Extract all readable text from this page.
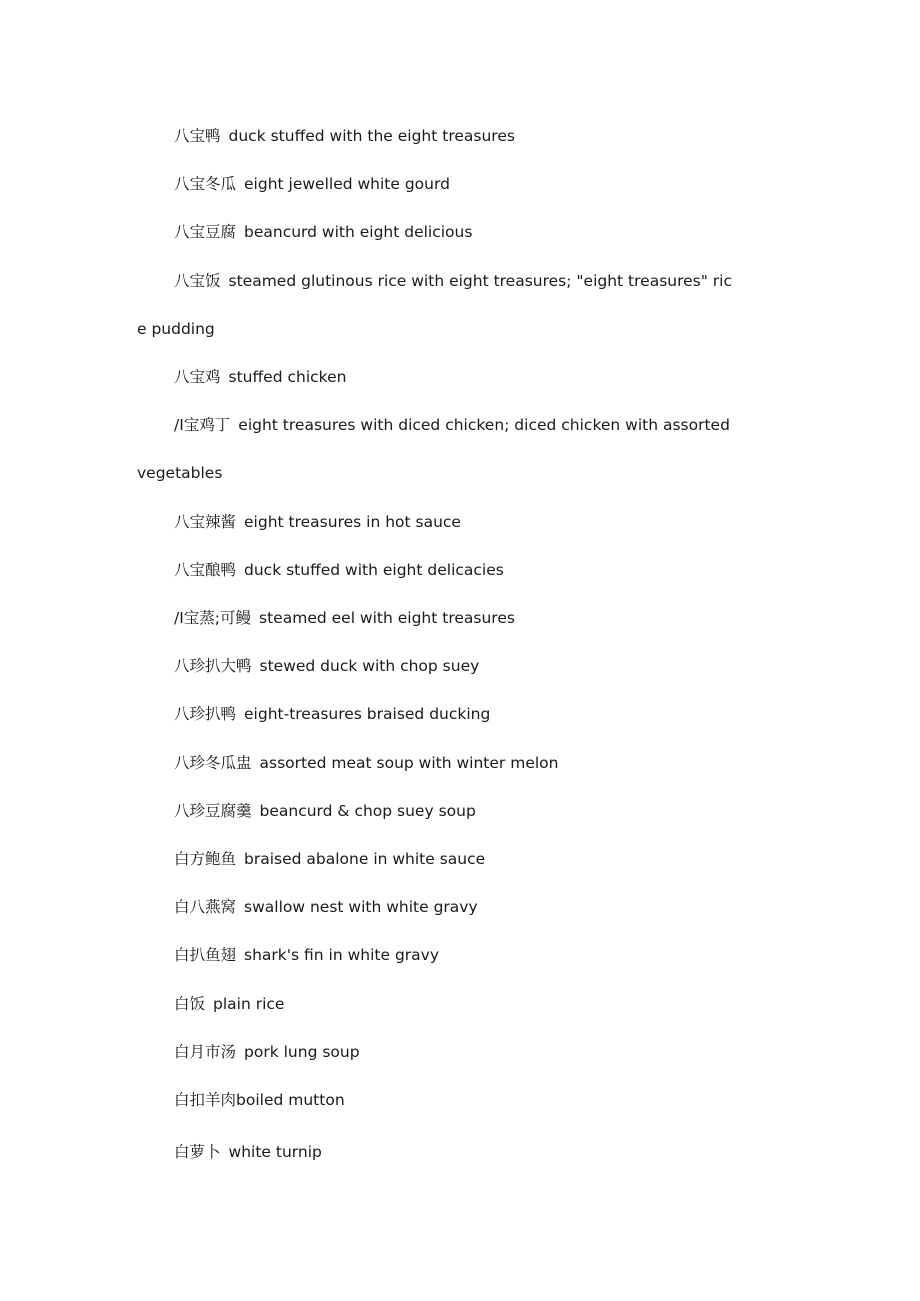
八宝鸭 duck stuffed with the eight treasures

八宝冬瓜 eight jewelled white gourd

八宝豆腐 beancurd with eight delicious

八宝饭 steamed glutinous rice with eight treasures; "eight treasures" rice pudding

八宝鸡 stuffed chicken

/I宝鸡丁 eight treasures with diced chicken; diced chicken with assorted vegetables

八宝辣酱 eight treasures in hot sauce

八宝酿鸭 duck stuffed with eight delicacies

/I宝蒸;可鳗 steamed eel with eight treasures

八珍扒大鸭 stewed duck with chop suey

八珍扒鸭 eight-treasures braised ducking

八珍冬瓜盅 assorted meat soup with winter melon

八珍豆腐羹 beancurd & chop suey soup

白方鲍鱼 braised abalone in white sauce

白八燕窝 swallow nest with white gravy

白扒鱼翅 shark's fin in white gravy

白饭 plain rice

白月市汤 pork lung soup

白扣羊肉boiled mutton

白萝卜 white turnip
